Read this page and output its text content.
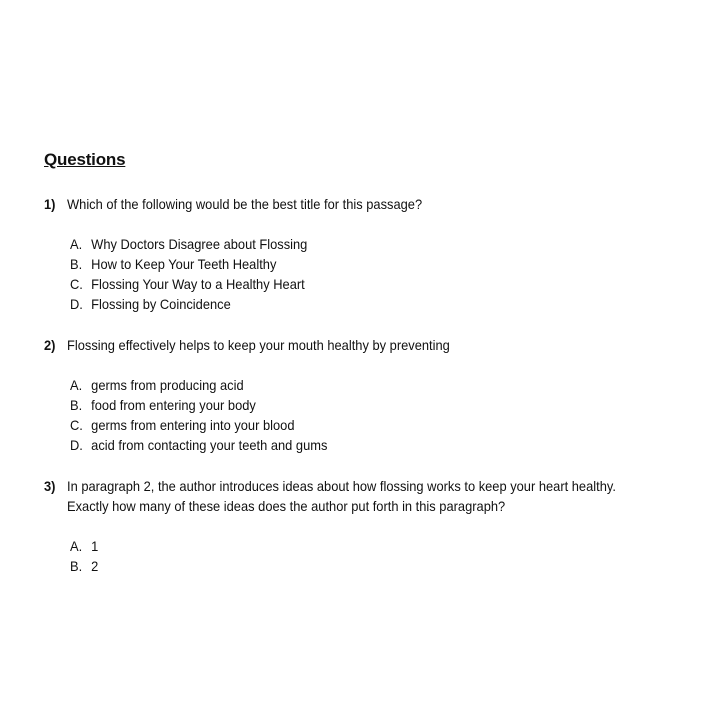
Questions
1) Which of the following would be the best title for this passage?
A. Why Doctors Disagree about Flossing
B. How to Keep Your Teeth Healthy
C. Flossing Your Way to a Healthy Heart
D. Flossing by Coincidence
2) Flossing effectively helps to keep your mouth healthy by preventing
A. germs from producing acid
B. food from entering your body
C. germs from entering into your blood
D. acid from contacting your teeth and gums
3) In paragraph 2, the author introduces ideas about how flossing works to keep your heart healthy.
Exactly how many of these ideas does the author put forth in this paragraph?
A. 1
B. 2
